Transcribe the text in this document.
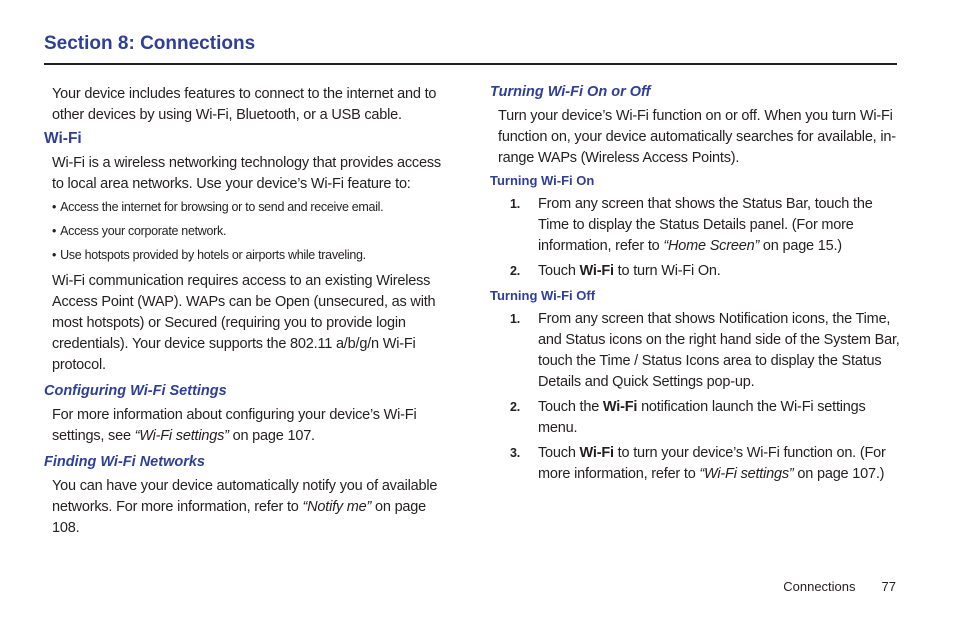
Section 8: Connections

Your device includes features to connect to the internet and to other devices by using Wi-Fi, Bluetooth, or a USB cable.

Wi-Fi

Wi-Fi is a wireless networking technology that provides access to local area networks. Use your device’s Wi-Fi feature to:

• Access the internet for browsing or to send and receive email.
• Access your corporate network.
• Use hotspots provided by hotels or airports while traveling.

Wi-Fi communication requires access to an existing Wireless Access Point (WAP). WAPs can be Open (unsecured, as with most hotspots) or Secured (requiring you to provide login credentials). Your device supports the 802.11 a/b/g/n Wi-Fi protocol.

Configuring Wi-Fi Settings

For more information about configuring your device’s Wi-Fi settings, see “Wi-Fi settings” on page 107.

Finding Wi-Fi Networks

You can have your device automatically notify you of available networks. For more information, refer to “Notify me” on page 108.

Turning Wi-Fi On or Off

Turn your device’s Wi-Fi function on or off. When you turn Wi-Fi function on, your device automatically searches for available, in-range WAPs (Wireless Access Points).

Turning Wi-Fi On
1.	From any screen that shows the Status Bar, touch the Time to display the Status Details panel. (For more information, refer to “Home Screen” on page 15.)
2.	Touch Wi-Fi to turn Wi-Fi On.
Turning Wi-Fi Off
1.	From any screen that shows Notification icons, the Time, and Status icons on the right hand side of the System Bar, touch the Time / Status Icons area to display the Status Details and Quick Settings pop-up.
2.	Touch the Wi-Fi notification launch the Wi-Fi settings menu.
3.	Touch Wi-Fi to turn your device’s Wi-Fi function on. (For more information, refer to “Wi-Fi settings” on page 107.)
Connections 77
